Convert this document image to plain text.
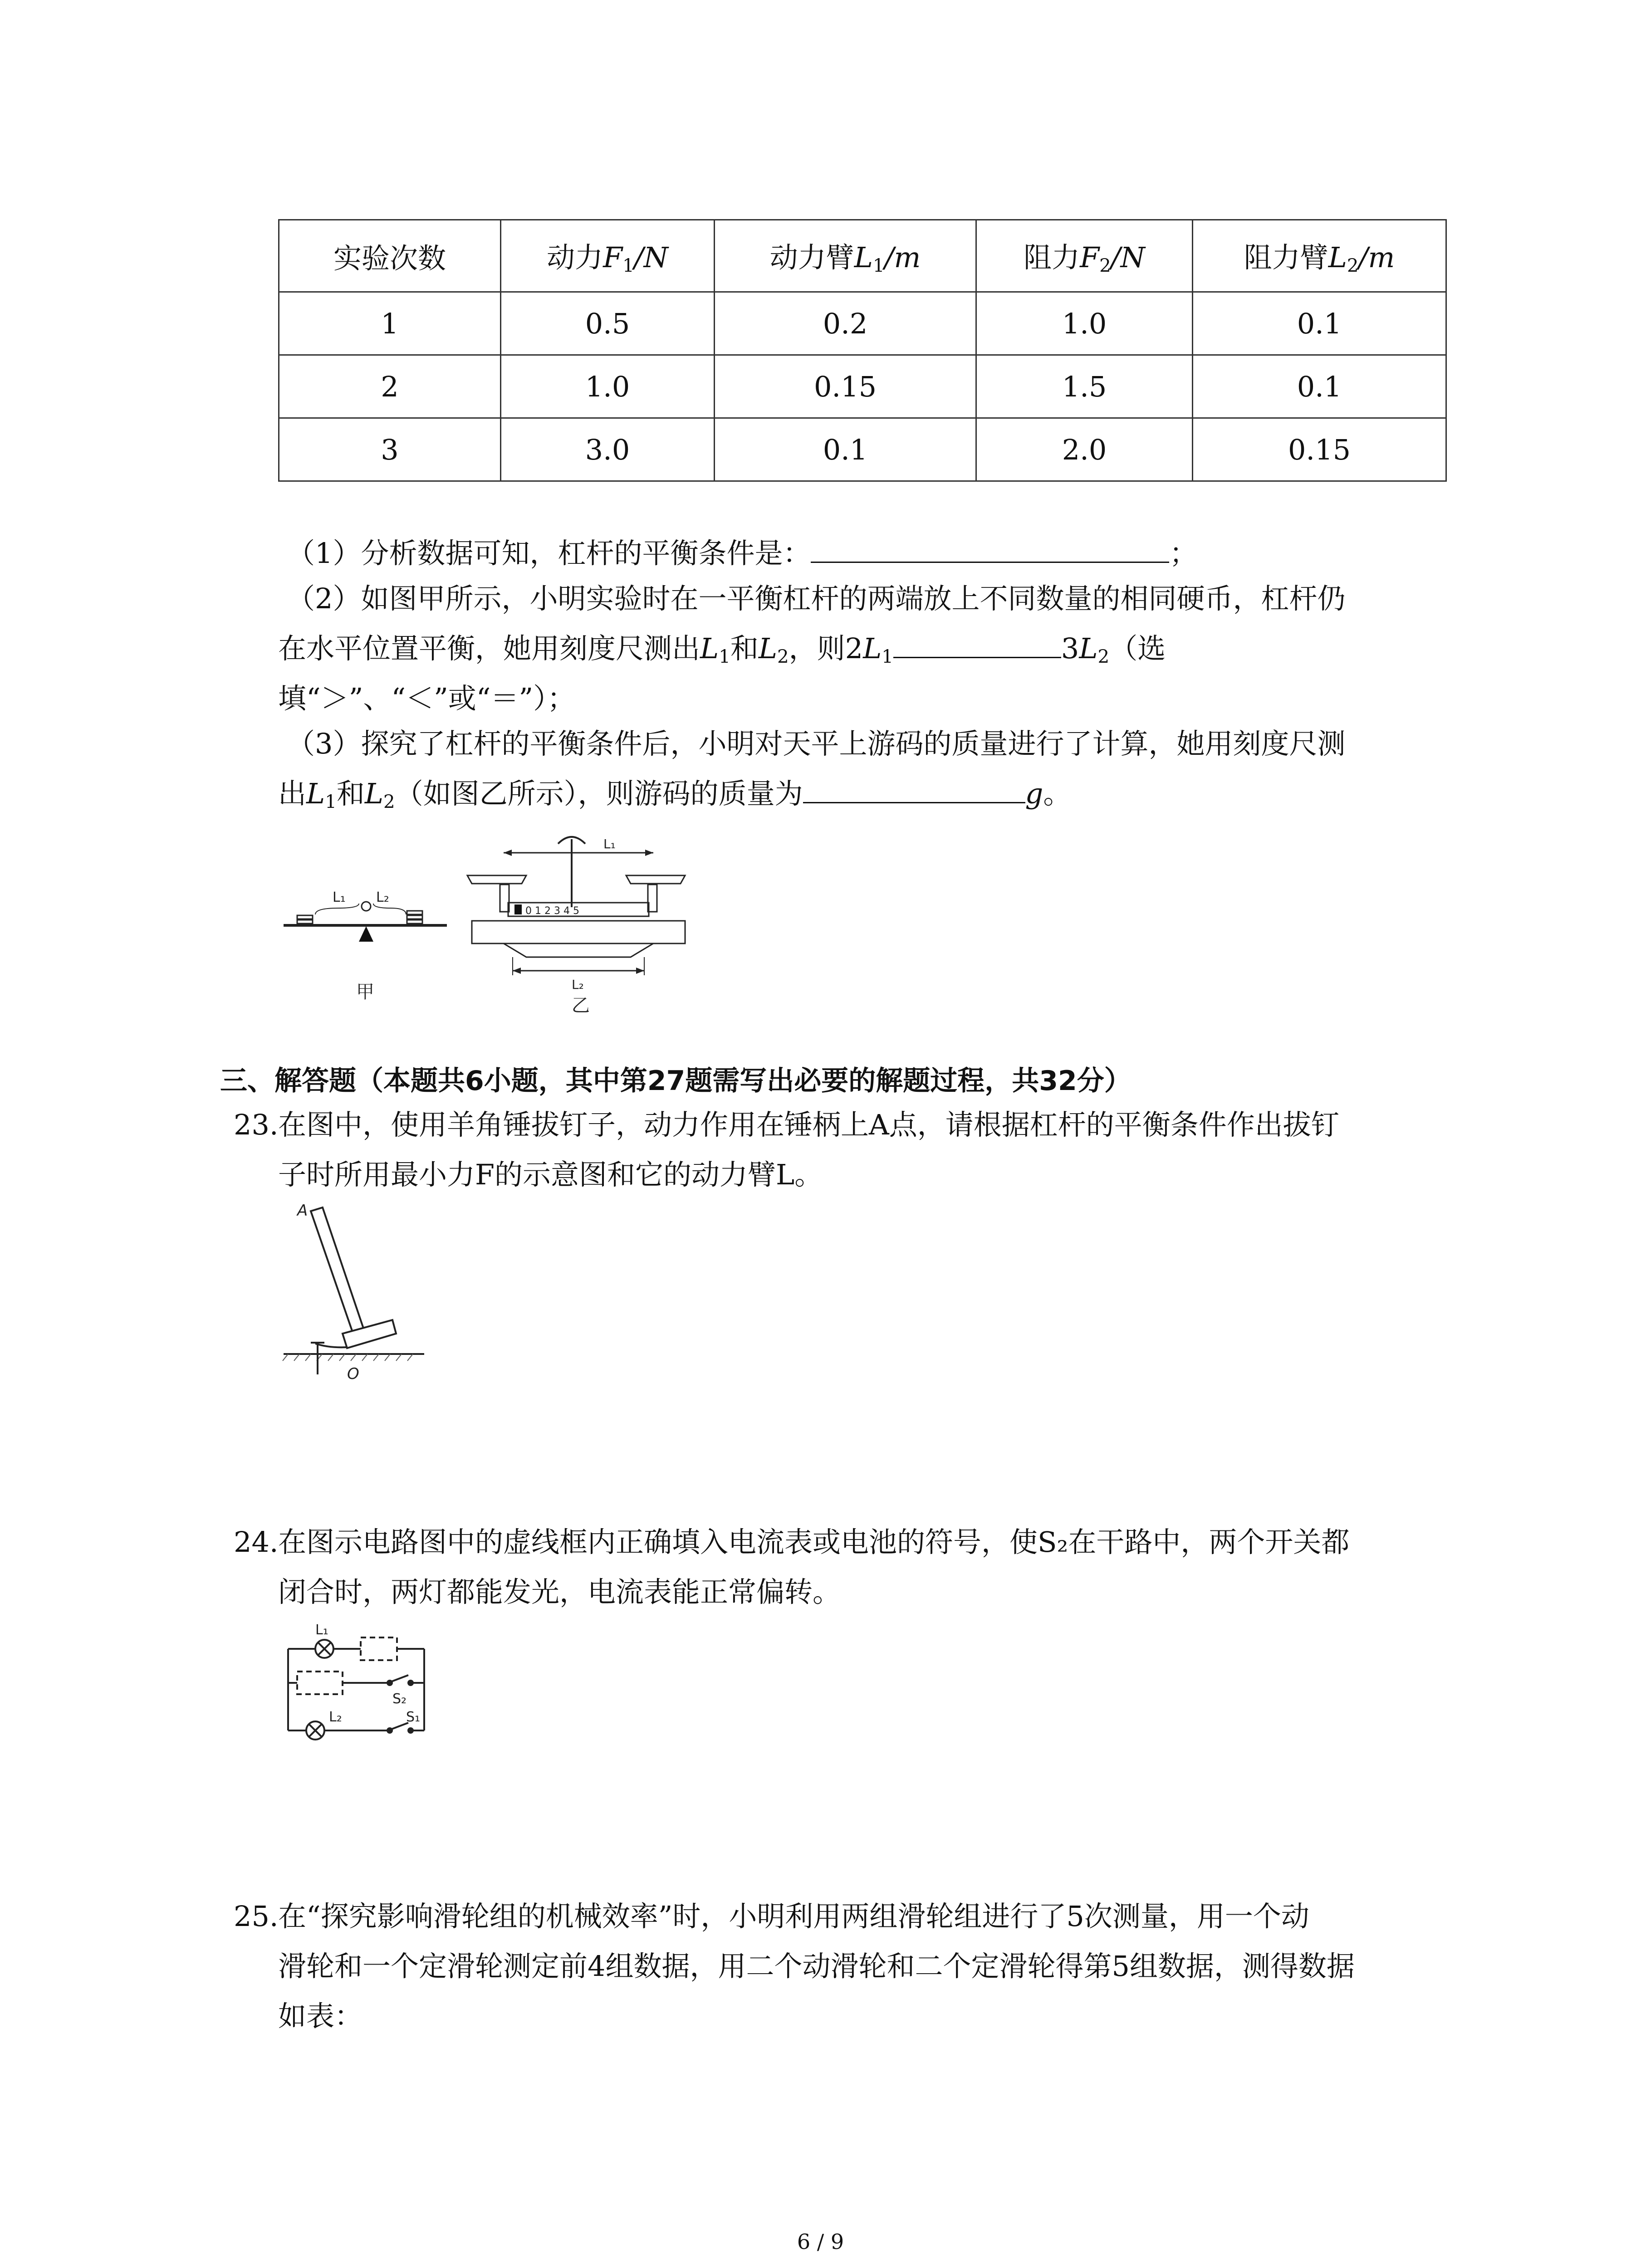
实验次数	动力$F_1/N$	动力臂$L_1/m$	阻力$F_2/N$	阻力臂$L_2/m$
1	0.5	0.2	1.0	0.1
2	1.0	0.15	1.5	0.1
3	3.0	0.1	2.0	0.15
（1）分析数据可知，杠杆的平衡条件是：	；
（2）如图甲所示，小明实验时在一平衡杠杆的两端放上不同数量的相同硬币，杠杆仍
在水平位置平衡，她用刻度尺测出$L_1$和$L_2$，则$2L_1$	$3L_2$（选
填“＞”、“＜”或“＝”）；
（3）探究了杠杆的平衡条件后，小明对天平上游码的质量进行了计算，她用刻度尺测
出$L_1$和$L_2$（如图乙所示），则游码的质量为	g。
L₁ L₂
甲
L₁
0 1 2 3 4 5
L₂
乙
三、解答题（本题共6小题，其中第27题需写出必要的解题过程，共32分）
23. 在图中，使用羊角锤拔钉子，动力作用在锤柄上A点，请根据杠杆的平衡条件作出拔钉
子时所用最小力F的示意图和它的动力臂L。
A
O
24. 在图示电路图中的虚线框内正确填入电流表或电池的符号，使S₂在干路中，两个开关都
闭合时，两灯都能发光，电流表能正常偏转。
L₁
L₂
S₂
S₁
25. 在“探究影响滑轮组的机械效率”时，小明利用两组滑轮组进行了5次测量，用一个动
滑轮和一个定滑轮测定前4组数据，用二个动滑轮和二个定滑轮得第5组数据，测得数据
如表：
6 / 9
